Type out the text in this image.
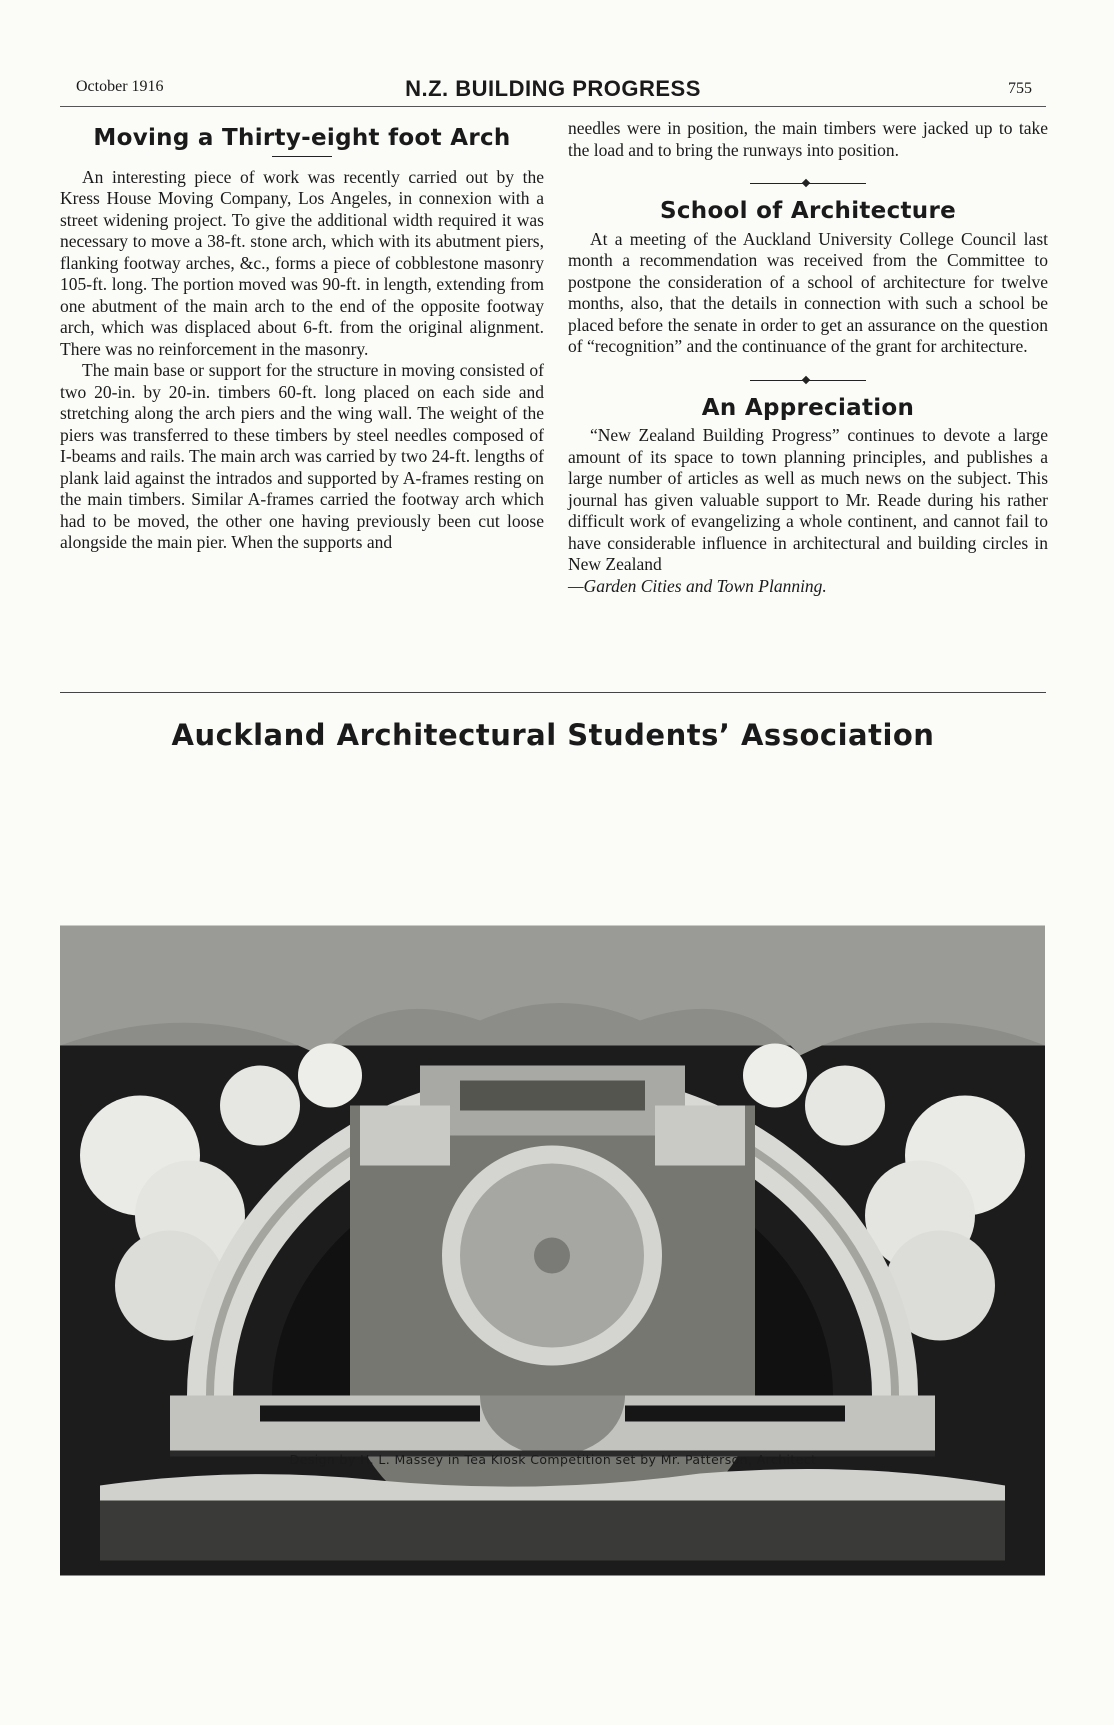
October 1916	N.Z. BUILDING PROGRESS	755
Moving a Thirty-eight foot Arch

An interesting piece of work was recently carried out by the Kress House Moving Company, Los Angeles, in connexion with a street widening project. To give the additional width required it was necessary to move a 38-ft. stone arch, which with its abutment piers, flanking footway arches, &c., forms a piece of cobblestone masonry 105-ft. long. The portion moved was 90-ft. in length, extending from one abutment of the main arch to the end of the opposite footway arch, which was displaced about 6-ft. from the original alignment. There was no reinforcement in the masonry.

The main base or support for the structure in moving consisted of two 20-in. by 20-in. timbers 60-ft. long placed on each side and stretching along the arch piers and the wing wall. The weight of the piers was transferred to these timbers by steel needles composed of I-beams and rails. The main arch was carried by two 24-ft. lengths of plank laid against the intrados and supported by A-frames resting on the main timbers. Similar A-frames carried the footway arch which had to be moved, the other one having previously been cut loose alongside the main pier. When the supports and

needles were in position, the main timbers were jacked up to take the load and to bring the runways into position.

School of Architecture

At a meeting of the Auckland University College Council last month a recommendation was received from the Committee to postpone the consideration of a school of architecture for twelve months, also, that the details in connection with such a school be placed before the senate in order to get an assurance on the question of “recognition” and the continuance of the grant for architecture.

An Appreciation

“New Zealand Building Progress” continues to devote a large amount of its space to town planning principles, and publishes a large number of articles as well as much news on the subject. This journal has given valuable support to Mr. Reade during his rather difficult work of evangelizing a whole continent, and cannot fail to have considerable influence in architectural and building circles in New Zealand

—Garden Cities and Town Planning.

Auckland Architectural Students’ Association
Design by H. L. Massey in Tea Kiosk Competition set by Mr. Patterson, Architect
